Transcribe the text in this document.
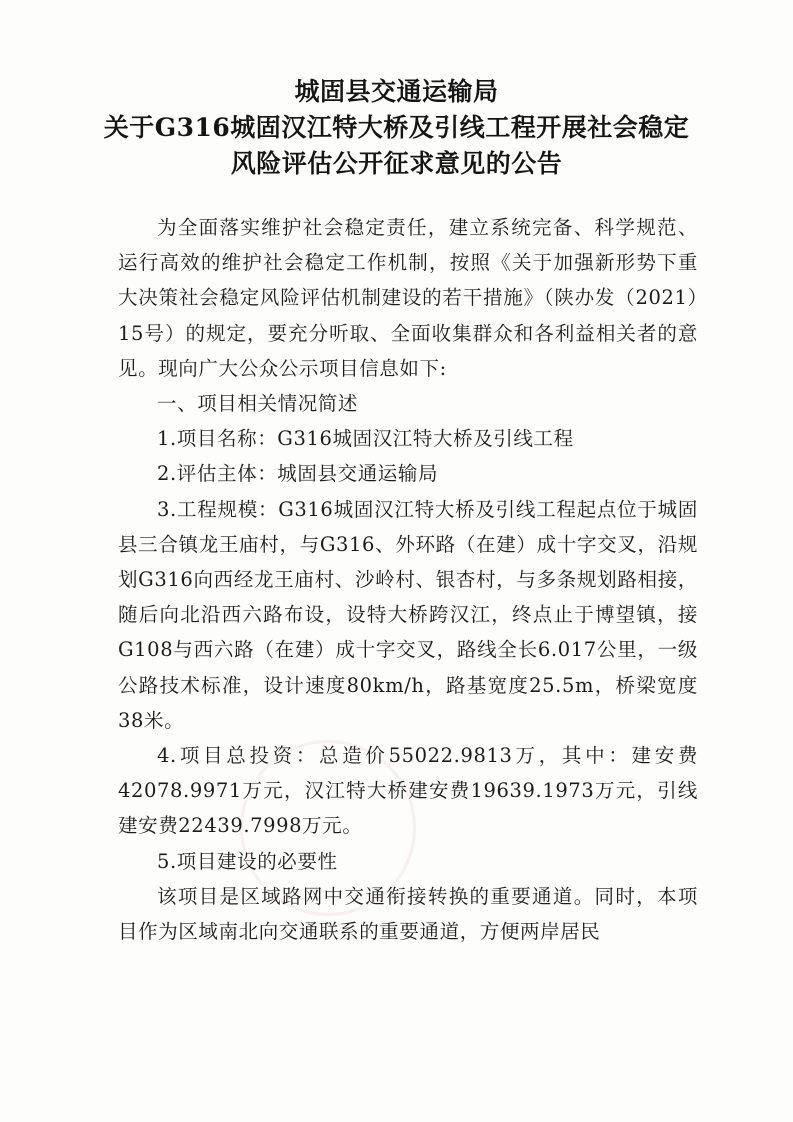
城固县交通运输局
关于G316城固汉江特大桥及引线工程开展社会稳定
风险评估公开征求意见的公告

为全面落实维护社会稳定责任，建立系统完备、科学规范、运行高效的维护社会稳定工作机制，按照《关于加强新形势下重大决策社会稳定风险评估机制建设的若干措施》（陕办发（2021）15号）的规定，要充分听取、全面收集群众和各利益相关者的意见。现向广大公众公示项目信息如下:

一、项目相关情况简述

1.项目名称：G316城固汉江特大桥及引线工程

2.评估主体：城固县交通运输局

3.工程规模：G316城固汉江特大桥及引线工程起点位于城固县三合镇龙王庙村，与G316、外环路（在建）成十字交叉，沿规划G316向西经龙王庙村、沙岭村、银杏村，与多条规划路相接，随后向北沿西六路布设，设特大桥跨汉江，终点止于博望镇，接G108与西六路（在建）成十字交叉，路线全长6.017公里，一级公路技术标准，设计速度80km/h，路基宽度25.5m，桥梁宽度38米。

4.项目总投资：总造价55022.9813万，其中：建安费42078.9971万元，汉江特大桥建安费19639.1973万元，引线建安费22439.7998万元。

5.项目建设的必要性

该项目是区域路网中交通衔接转换的重要通道。同时，本项目作为区域南北向交通联系的重要通道，方便两岸居民
